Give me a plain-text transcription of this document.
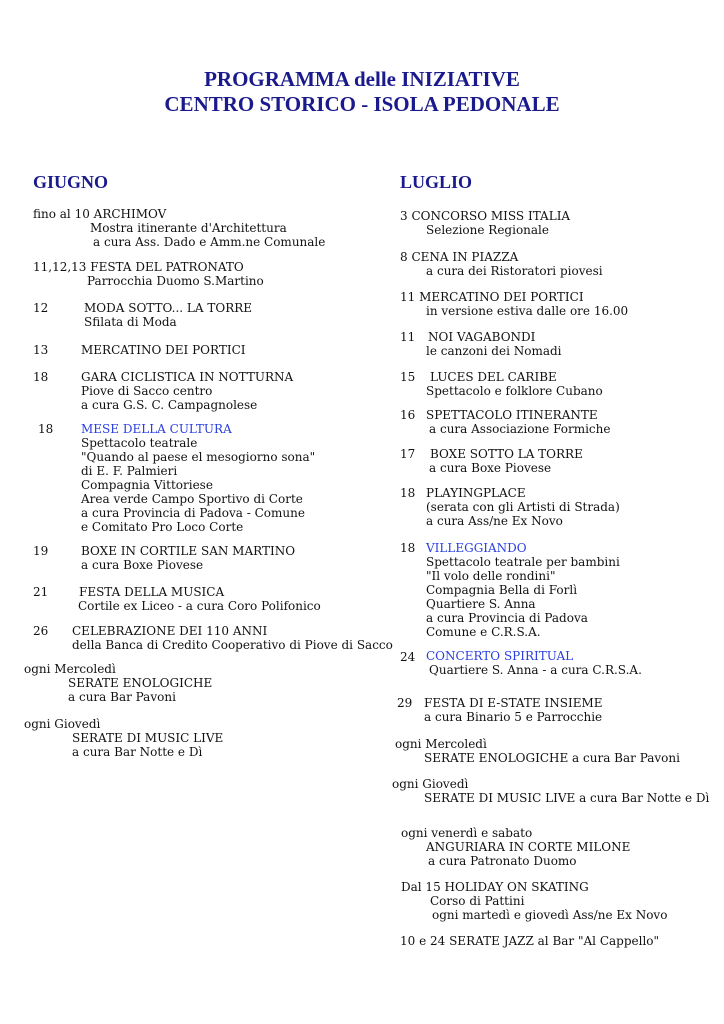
PROGRAMMA delle INIZIATIVE
CENTRO STORICO - ISOLA PEDONALE
GIUGNO	LUGLIO
fino al 10 ARCHIMOV
Mostra itinerante d'Architettura
a cura Ass. Dado e Amm.ne Comunale
11,12,13 FESTA DEL PATRONATO
Parrocchia Duomo S.Martino
12	MODA SOTTO... LA TORRE
Sfilata di Moda
13	MERCATINO DEI PORTICI
18	GARA CICLISTICA IN NOTTURNA
Piove di Sacco centro
a cura G.S. C. Campagnolese
18 MESE DELLA CULTURA
Spettacolo teatrale
"Quando al paese el mesogiorno sona"
di E. F. Palmieri
Compagnia Vittoriese
Area verde Campo Sportivo di Corte
a cura Provincia di Padova - Comune
e Comitato Pro Loco Corte
19	BOXE IN CORTILE SAN MARTINO
a cura Boxe Piovese
21	FESTA DELLA MUSICA
Cortile ex Liceo - a cura Coro Polifonico
26 CELEBRAZIONE DEI 110 ANNI
della Banca di Credito Cooperativo di Piove di Sacco
ogni Mercoledì
SERATE ENOLOGICHE
a cura Bar Pavoni
ogni Giovedì
SERATE DI MUSIC LIVE
a cura Bar Notte e Dì
3 CONCORSO MISS ITALIA
Selezione Regionale
8 CENA IN PIAZZA
a cura dei Ristoratori piovesi
11 MERCATINO DEI PORTICI
in versione estiva dalle ore 16.00
11 NOI VAGABONDI
le canzoni dei Nomadi
15 LUCES DEL CARIBE
Spettacolo e folklore Cubano
16 SPETTACOLO ITINERANTE
a cura Associazione Formiche
17 BOXE SOTTO LA TORRE
a cura Boxe Piovese
18 PLAYINGPLACE
(serata con gli Artisti di Strada)
a cura Ass/ne Ex Novo
18 VILLEGGIANDO
Spettacolo teatrale per bambini
"Il volo delle rondini"
Compagnia Bella di Forlì
Quartiere S. Anna
a cura Provincia di Padova
Comune e C.R.S.A.
24 CONCERTO SPIRITUAL
Quartiere S. Anna - a cura C.R.S.A.
29 FESTA DI E-STATE INSIEME
a cura Binario 5 e Parrocchie
ogni Mercoledì
SERATE ENOLOGICHE a cura Bar Pavoni
ogni Giovedì
SERATE DI MUSIC LIVE a cura Bar Notte e Dì
ogni venerdì e sabato
ANGURIARA IN CORTE MILONE
a cura Patronato Duomo
Dal 15 HOLIDAY ON SKATING
Corso di Pattini
ogni martedì e giovedì Ass/ne Ex Novo
10 e 24 SERATE JAZZ al Bar "Al Cappello"
